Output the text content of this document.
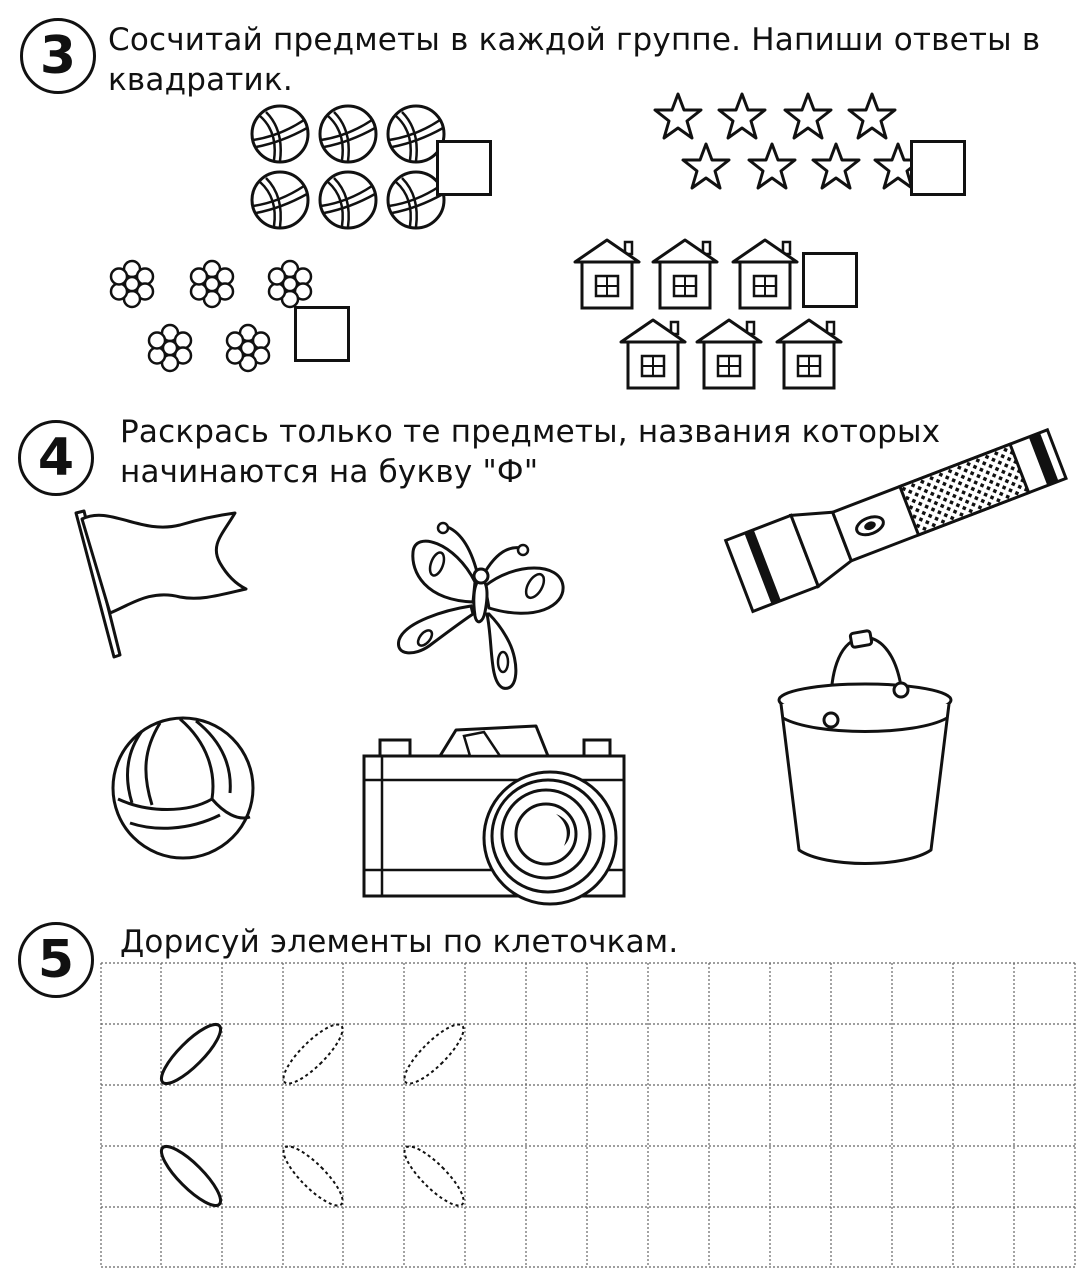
3 Сосчитай предметы в каждой группе. Напиши ответы в квадратик.

4 Раскрась только те предметы, названия которых начинаются на букву "Ф"

5 Дорисуй элементы по клеточкам.
